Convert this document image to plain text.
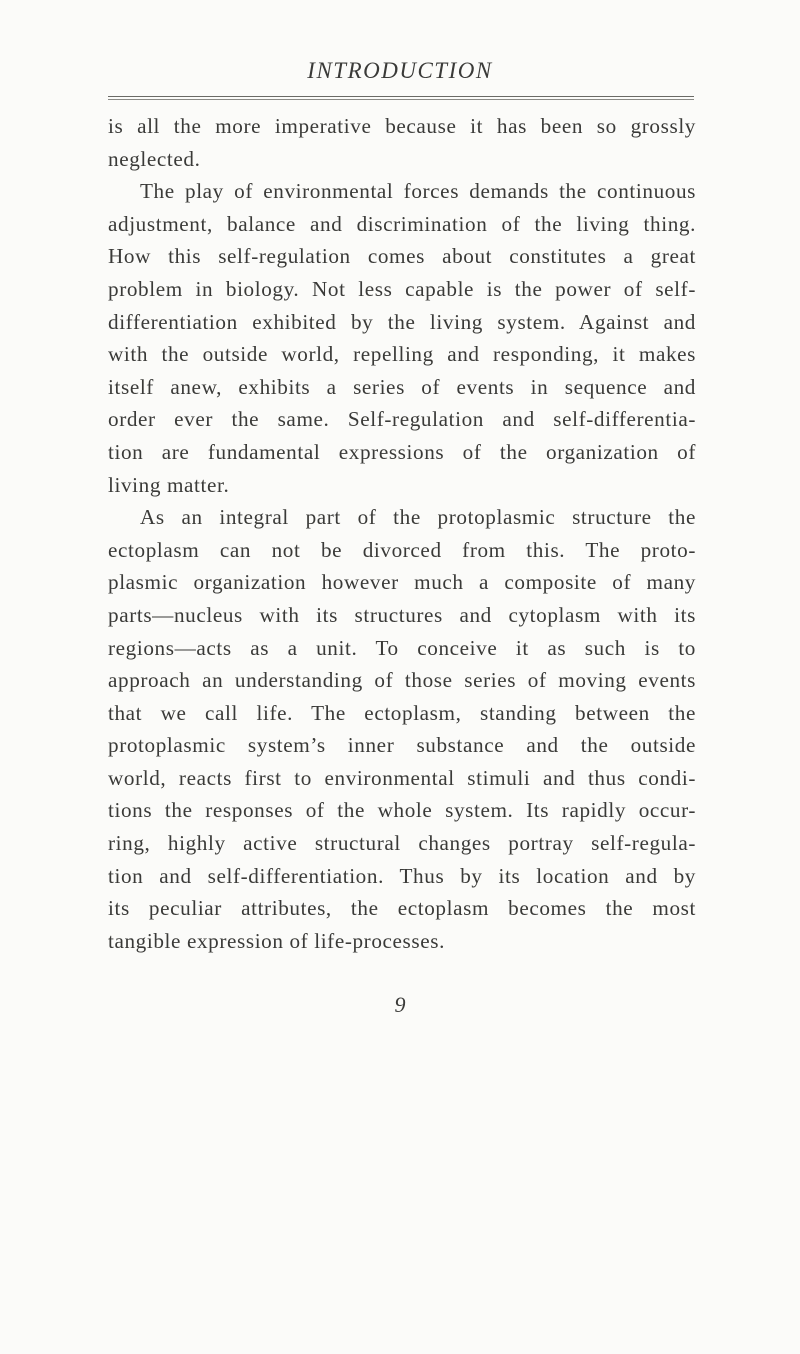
INTRODUCTION
is all the more imperative because it has been so grossly
neglected.
The play of environmental forces demands the continuous
adjustment, balance and discrimination of the living thing.
How this self-regulation comes about constitutes a great
problem in biology. Not less capable is the power of self-
differentiation exhibited by the living system. Against and
with the outside world, repelling and responding, it makes
itself anew, exhibits a series of events in sequence and
order ever the same. Self-regulation and self-differentia-
tion are fundamental expressions of the organization of
living matter.
As an integral part of the protoplasmic structure the
ectoplasm can not be divorced from this. The proto-
plasmic organization however much a composite of many
parts—nucleus with its structures and cytoplasm with its
regions—acts as a unit. To conceive it as such is to
approach an understanding of those series of moving events
that we call life. The ectoplasm, standing between the
protoplasmic system’s inner substance and the outside
world, reacts first to environmental stimuli and thus condi-
tions the responses of the whole system. Its rapidly occur-
ring, highly active structural changes portray self-regula-
tion and self-differentiation. Thus by its location and by
its peculiar attributes, the ectoplasm becomes the most
tangible expression of life-processes.
9
